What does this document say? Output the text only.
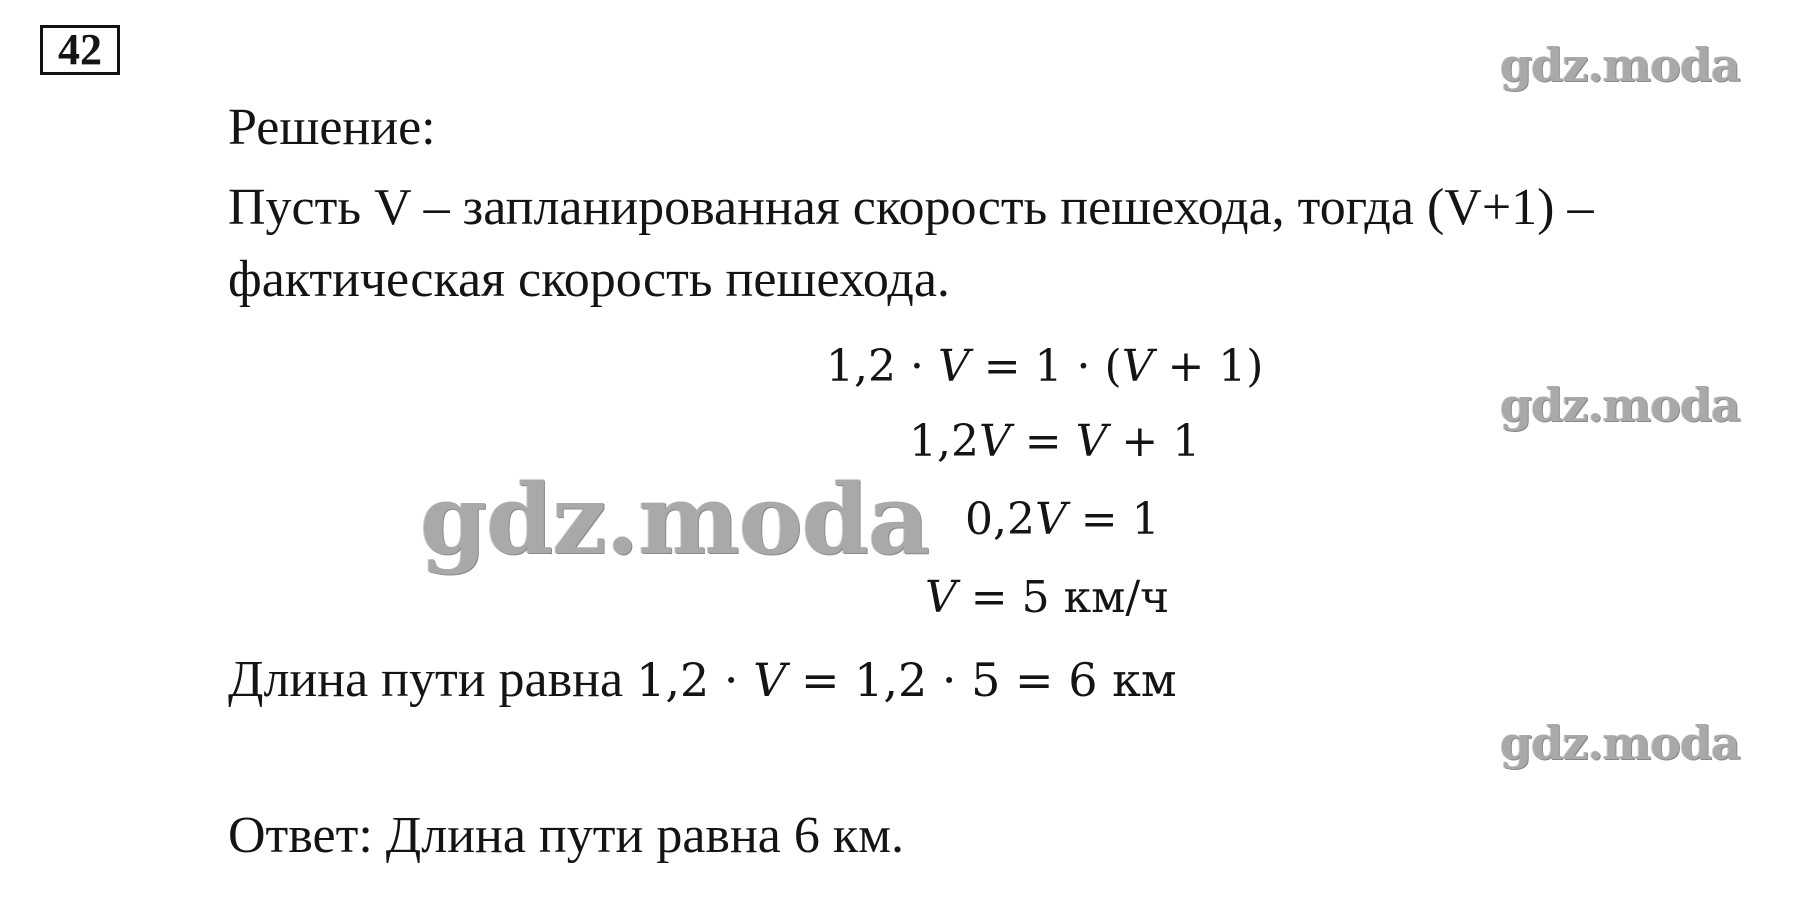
42	gdz.moda
gdz.moda
gdz.moda
gdz.moda
Решение:
Пусть V – запланированная скорость пешехода, тогда (V+1) –
фактическая скорость пешехода.
1,2 · V = 1 · (V + 1)
1,2V = V + 1
0,2V = 1
V = 5 км/ч
Длина пути равна 1,2 · V = 1,2 · 5 = 6 км
Ответ: Длина пути равна 6 км.
